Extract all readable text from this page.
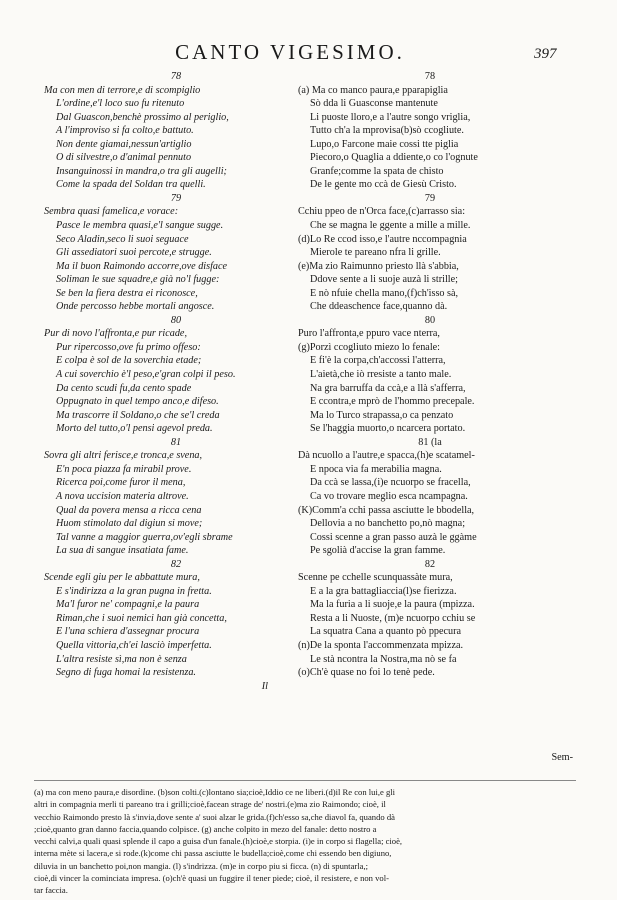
CANTO VIGESIMO.	397
78
Ma con men di terrore,e di scompiglio
L'ordine,e'l loco suo fu ritenuto
Dal Guascon,benchè prossimo al periglio,
A l'improviso si fa colto,e battuto.
Non dente giamai,nessun'artiglio
O di silvestre,o d'animal pennuto
Insanguinossi in mandra,o tra gli augelli;
Come la spada del Soldan tra quelli.
79
Sembra quasi famelica,e vorace:
Pasce le membra quasi,e'l sangue sugge.
Seco Aladin,seco li suoi seguace
Gli assediatori suoi percote,e strugge.
Ma il buon Raimondo accorre,ove disface
Soliman le sue squadre,e già no'l fugge:
Se ben la fiera destra ei riconosce,
Onde percosso hebbe mortali angosce.
80
Pur di novo l'affronta,e pur ricade,
Pur ripercosso,ove fu primo offeso:
E colpa è sol de la soverchia etade;
A cui soverchio è'l peso,e'gran colpi il peso.
Da cento scudi fu,da cento spade
Oppugnato in quel tempo anco,e difeso.
Ma trascorre il Soldano,o che se'l creda
Morto del tutto,o'l pensi agevol preda.
81
Sovra gli altri ferisce,e tronca,e svena,
E'n poca piazza fa mirabil prove.
Ricerca poi,come furor il mena,
A nova uccision materia altrove.
Qual da povera mensa a ricca cena
Huom stimolato dal digiun si move;
Tal vanne a maggior guerra,ov'egli sbrame
La sua di sangue insatiata fame.
82
Scende egli giu per le abbattute mura,
E s'indirizza a la gran pugna in fretta.
Ma'l furor ne' compagni,e la paura
Riman,che i suoi nemici han già concetta,
E l'una schiera d'assegnar procura
Quella vittoria,ch'ei lasciò imperfetta.
L'altra resiste sì,ma non è senza
Segno di fuga homai la resistenza.
Il
78
(a) Ma co manco paura,e pparapiglia
Sò dda li Guasconse mantenute
Li puoste lloro,e a l'autre songo vriglia,
Tutto ch'a la mprovisa(b)sò ccogliute.
Lupo,o Farcone maie cossi tte piglia
Piecoro,o Quaglia a ddiente,o co l'ognute
Granfe;comme la spata de chisto
De le gente mo ccà de Giesù Cristo.
79
Cchiu ppeo de n'Orca face,(c)arrasso sia:
Che se magna le ggente a mille a mille.
(d)Lo Re ccod isso,e l'autre nccompagnia
Mierole te pareano nfra li grille.
(e)Ma zio Raimunno priesto llà s'abbia,
Ddove sente a li suoje auzà li strille;
E nò nfuie chella mano,(f)ch'isso sà,
Che ddeaschence face,quanno dà.
80
Puro l'affronta,e ppuro vace nterra,
(g)Porzì ccogliuto miezo lo fenale:
E fi'è la corpa,ch'accossi l'atterra,
L'aietà,che iò rresiste a tanto male.
Na gra barruffa da ccà,e a llà s'afferra,
E ccontra,e mprò de l'hommo precepale.
Ma lo Turco strapassa,o ca penzato
Se l'haggia muorto,o ncarcera portato.
81 (la
Dà ncuollo a l'autre,e spacca,(h)e scatamel-
E npoca via fa merabilia magna.
Da ccà se lassa,(i)e ncuorpo se fracella,
Ca vo trovare meglio esca ncampagna.
(K)Comm'a cchi passa asciutte le bbodella,
Dellovia a no banchetto po,nò magna;
Cossi scenne a gran passo auzà le ggàme
Pe sgolià d'accise la gran famme.
82
Scenne pe cchelle scunquassàte mura,
E a la gra battagliaccia(l)se fierizza.
Ma la furia a li suoje,e la paura (mpizza.
Resta a li Nuoste, (m)e ncuorpo cchiu se
La squatra Cana a quanto pò ppecura
(n)De la sponta l'accommenzata mpizza.
Le stà ncontra la Nostra,ma nò se fa
(o)Ch'è quase no foi lo tenè pede.
Sem-
(a) ma con meno paura,e disordine. (b)son colti.(c)lontano sia;cioè,Iddio ce ne liberi.(d)il Re con lui,e gli
altri in compagnia merli ti pareano tra i grilli;cioè,facean strage de' nostri.(e)ma zio Raimondo; cioè, il
vecchio Raimondo presto là s'invia,dove sente a' suoi alzar le grida.(f)ch'esso sa,che diavol fa, quando dà
;cioè,quanto gran danno faccia,quando colpisce. (g) anche colpito in mezo del fanale: detto nostro a
vecchi calvi,a quali quasi splende il capo a guisa d'un fanale.(h)cioè,e storpia. (i)e in corpo si flagella; cioè,
interna mète si lacera,e si rode.(k)come chi passa asciutte le budella;cioè,come chi essendo ben digiuno,
diluvia in un banchetto poi,non mangia. (l) s'indrizza. (m)e in corpo piu si ficca. (n) di spuntarla,;
cioè,di vincer la cominciata impresa. (o)ch'è quasi un fuggire il tener piede; cioè, il resistere, e non vol-
tar faccia.
